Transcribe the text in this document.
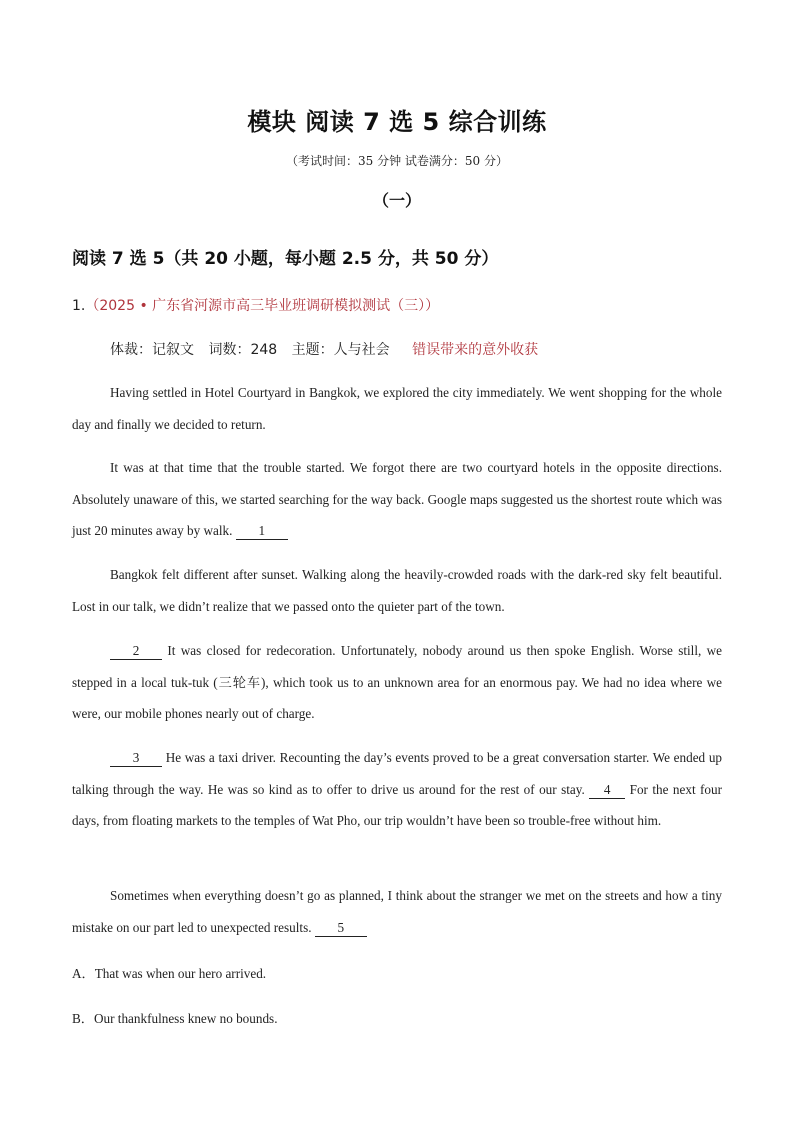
模块 阅读 7 选 5 综合训练
（考试时间：35 分钟 试卷满分：50 分）
（一）
阅读 7 选 5（共 20 小题，每小题 2.5 分，共 50 分）
1.（2025 • 广东省河源市高三毕业班调研模拟测试（三））
体裁：记叙文 词数：248 主题：人与社会 错误带来的意外收获

Having settled in Hotel Courtyard in Bangkok, we explored the city immediately. We went shopping for the whole day and finally we decided to return.

It was at that time that the trouble started. We forgot there are two courtyard hotels in the opposite directions. Absolutely unaware of this, we started searching for the way back. Google maps suggested us the shortest route which was just 20 minutes away by walk. 1

Bangkok felt different after sunset. Walking along the heavily-crowded roads with the dark-red sky felt beautiful. Lost in our talk, we didn’t realize that we passed onto the quieter part of the town.

2 It was closed for redecoration. Unfortunately, nobody around us then spoke English. Worse still, we stepped in a local tuk-tuk (三轮车), which took us to an unknown area for an enormous pay. We had no idea where we were, our mobile phones nearly out of charge.

3 He was a taxi driver. Recounting the day’s events proved to be a great conversation starter. We ended up talking through the way. He was so kind as to offer to drive us around for the rest of our stay. 4 For the next four days, from floating markets to the temples of Wat Pho, our trip wouldn’t have been so trouble-free without him.

Sometimes when everything doesn’t go as planned, I think about the stranger we met on the streets and how a tiny mistake on our part led to unexpected results. 5

A．That was when our hero arrived.

B．Our thankfulness knew no bounds.
